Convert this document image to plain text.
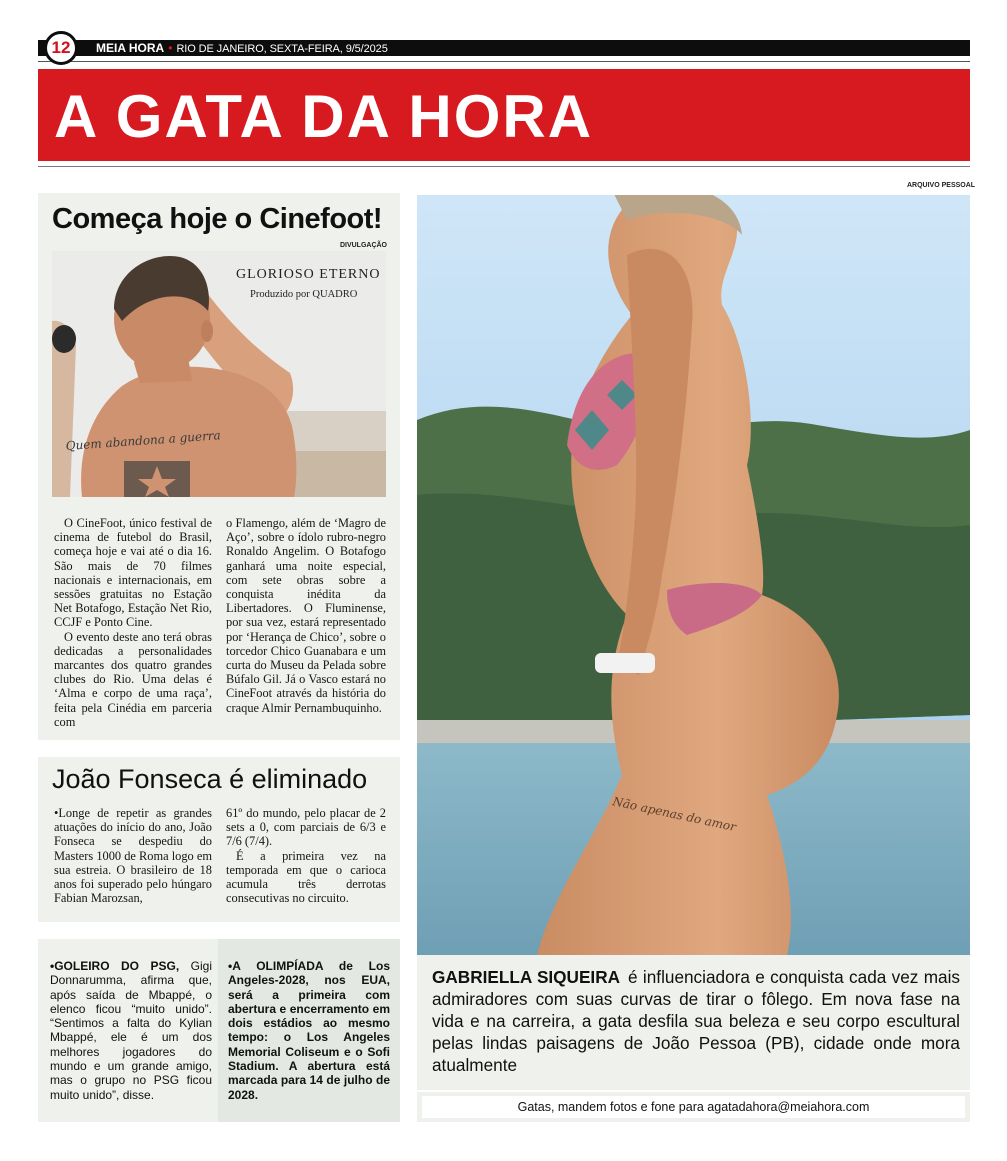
12	MEIA HORA • RIO DE JANEIRO, SEXTA-FEIRA, 9/5/2025
A GATA DA HORA
Começa hoje o Cinefoot!
DIVULGAÇÃO
Quem abandona a guerra
GLORIOSO ETERNO
Produzido por QUADRO

O CineFoot, único festival de cinema de futebol do Brasil, começa hoje e vai até o dia 16. São mais de 70 filmes nacionais e internacionais, em sessões gratuitas no Estação Net Botafogo, Estação Net Rio, CCJF e Ponto Cine.

O evento deste ano terá obras dedicadas a personalidades marcantes dos quatro grandes clubes do Rio. Uma delas é ‘Alma e corpo de uma raça’, feita pela Cinédia em parceria com

o Flamengo, além de ‘Magro de Aço’, sobre o ídolo rubro-negro Ronaldo Angelim. O Botafogo ganhará uma noite especial, com sete obras sobre a conquista inédita da Libertadores. O Fluminense, por sua vez, estará representado por ‘Herança de Chico’, sobre o torcedor Chico Guanabara e um curta do Museu da Pelada sobre Búfalo Gil. Já o Vasco estará no CineFoot através da história do craque Almir Pernambuquinho.

João Fonseca é eliminado

•Longe de repetir as grandes atuações do início do ano, João Fonseca se despediu do Masters 1000 de Roma logo em sua estreia. O brasileiro de 18 anos foi superado pelo húngaro Fabian Marozsan,

61º do mundo, pelo placar de 2 sets a 0, com parciais de 6/3 e 7/6 (7/4).

É a primeira vez na temporada em que o carioca acumula três derrotas consecutivas no circuito.

•GOLEIRO DO PSG, Gigi Donnarumma, afirma que, após saída de Mbappé, o elenco ficou “muito unido”. “Sentimos a falta do Kylian Mbappé, ele é um dos melhores jogadores do mundo e um grande amigo, mas o grupo no PSG ficou muito unido”, disse.
•A OLIMPÍADA de Los Angeles-2028, nos EUA, será a primeira com abertura e encerramento em dois estádios ao mesmo tempo: o Los Angeles Memorial Coliseum e o Sofi Stadium. A abertura está marcada para 14 de julho de 2028.
ARQUIVO PESSOAL
Não apenas do amor
GABRIELLA SIQUEIRA é influenciadora e conquista cada vez mais admiradores com suas curvas de tirar o fôlego. Em nova fase na vida e na carreira, a gata desfila sua beleza e seu corpo escultural pelas lindas paisagens de João Pessoa (PB), cidade onde mora atualmente
Gatas, mandem fotos e fone para agatadahora@meiahora.com
